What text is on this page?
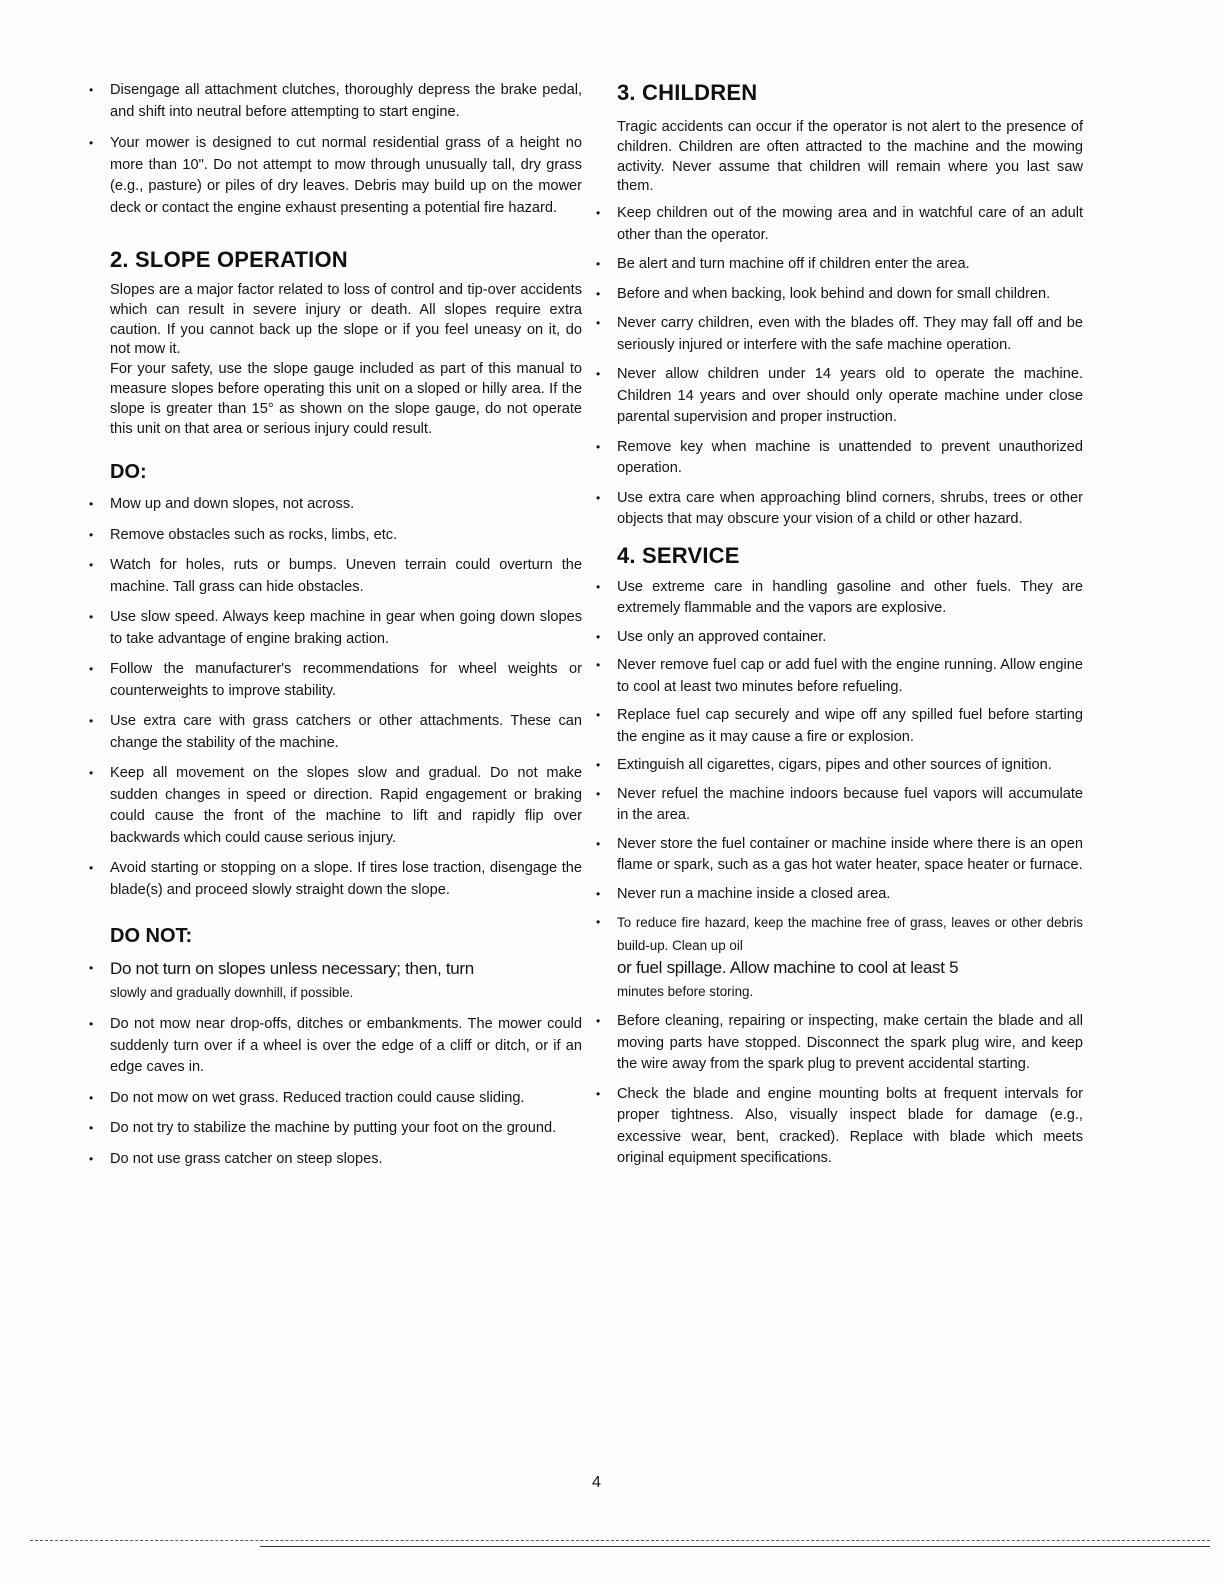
• Disengage all attachment clutches, thoroughly depress the brake pedal, and shift into neutral before attempting to start engine.
• Your mower is designed to cut normal residential grass of a height no more than 10". Do not attempt to mow through unusually tall, dry grass (e.g., pasture) or piles of dry leaves. Debris may build up on the mower deck or contact the engine exhaust presenting a potential fire hazard.
2. SLOPE OPERATION

Slopes are a major factor related to loss of control and tip-over accidents which can result in severe injury or death. All slopes require extra caution. If you cannot back up the slope or if you feel uneasy on it, do not mow it.

For your safety, use the slope gauge included as part of this manual to measure slopes before operating this unit on a sloped or hilly area. If the slope is greater than 15° as shown on the slope gauge, do not operate this unit on that area or serious injury could result.

DO:
• Mow up and down slopes, not across.
• Remove obstacles such as rocks, limbs, etc.
• Watch for holes, ruts or bumps. Uneven terrain could overturn the machine. Tall grass can hide obstacles.
• Use slow speed. Always keep machine in gear when going down slopes to take advantage of engine braking action.
• Follow the manufacturer's recommendations for wheel weights or counterweights to improve stability.
• Use extra care with grass catchers or other attachments. These can change the stability of the machine.
• Keep all movement on the slopes slow and gradual. Do not make sudden changes in speed or direction. Rapid engagement or braking could cause the front of the machine to lift and rapidly flip over backwards which could cause serious injury.
• Avoid starting or stopping on a slope. If tires lose traction, disengage the blade(s) and proceed slowly straight down the slope.
DO NOT:
• Do not turn on slopes unless necessary; then, turn
slowly and gradually downhill, if possible.
• Do not mow near drop-offs, ditches or embankments. The mower could suddenly turn over if a wheel is over the edge of a cliff or ditch, or if an edge caves in.
• Do not mow on wet grass. Reduced traction could cause sliding.
• Do not try to stabilize the machine by putting your foot on the ground.
• Do not use grass catcher on steep slopes.
3. CHILDREN

Tragic accidents can occur if the operator is not alert to the presence of children. Children are often attracted to the machine and the mowing activity. Never assume that children will remain where you last saw them.

• Keep children out of the mowing area and in watchful care of an adult other than the operator.
• Be alert and turn machine off if children enter the area.
• Before and when backing, look behind and down for small children.
• Never carry children, even with the blades off. They may fall off and be seriously injured or interfere with the safe machine operation.
• Never allow children under 14 years old to operate the machine. Children 14 years and over should only operate machine under close parental supervision and proper instruction.
• Remove key when machine is unattended to prevent unauthorized operation.
• Use extra care when approaching blind corners, shrubs, trees or other objects that may obscure your vision of a child or other hazard.
4. SERVICE
• Use extreme care in handling gasoline and other fuels. They are extremely flammable and the vapors are explosive.
• Use only an approved container.
• Never remove fuel cap or add fuel with the engine running. Allow engine to cool at least two minutes before refueling.
• Replace fuel cap securely and wipe off any spilled fuel before starting the engine as it may cause a fire or explosion.
• Extinguish all cigarettes, cigars, pipes and other sources of ignition.
• Never refuel the machine indoors because fuel vapors will accumulate in the area.
• Never store the fuel container or machine inside where there is an open flame or spark, such as a gas hot water heater, space heater or furnace.
• Never run a machine inside a closed area.
• To reduce fire hazard, keep the machine free of grass, leaves or other debris build-up. Clean up oil
or fuel spillage. Allow machine to cool at least 5
minutes before storing.
• Before cleaning, repairing or inspecting, make certain the blade and all moving parts have stopped. Disconnect the spark plug wire, and keep the wire away from the spark plug to prevent accidental starting.
• Check the blade and engine mounting bolts at frequent intervals for proper tightness. Also, visually inspect blade for damage (e.g., excessive wear, bent, cracked). Replace with blade which meets original equipment specifications.
4
